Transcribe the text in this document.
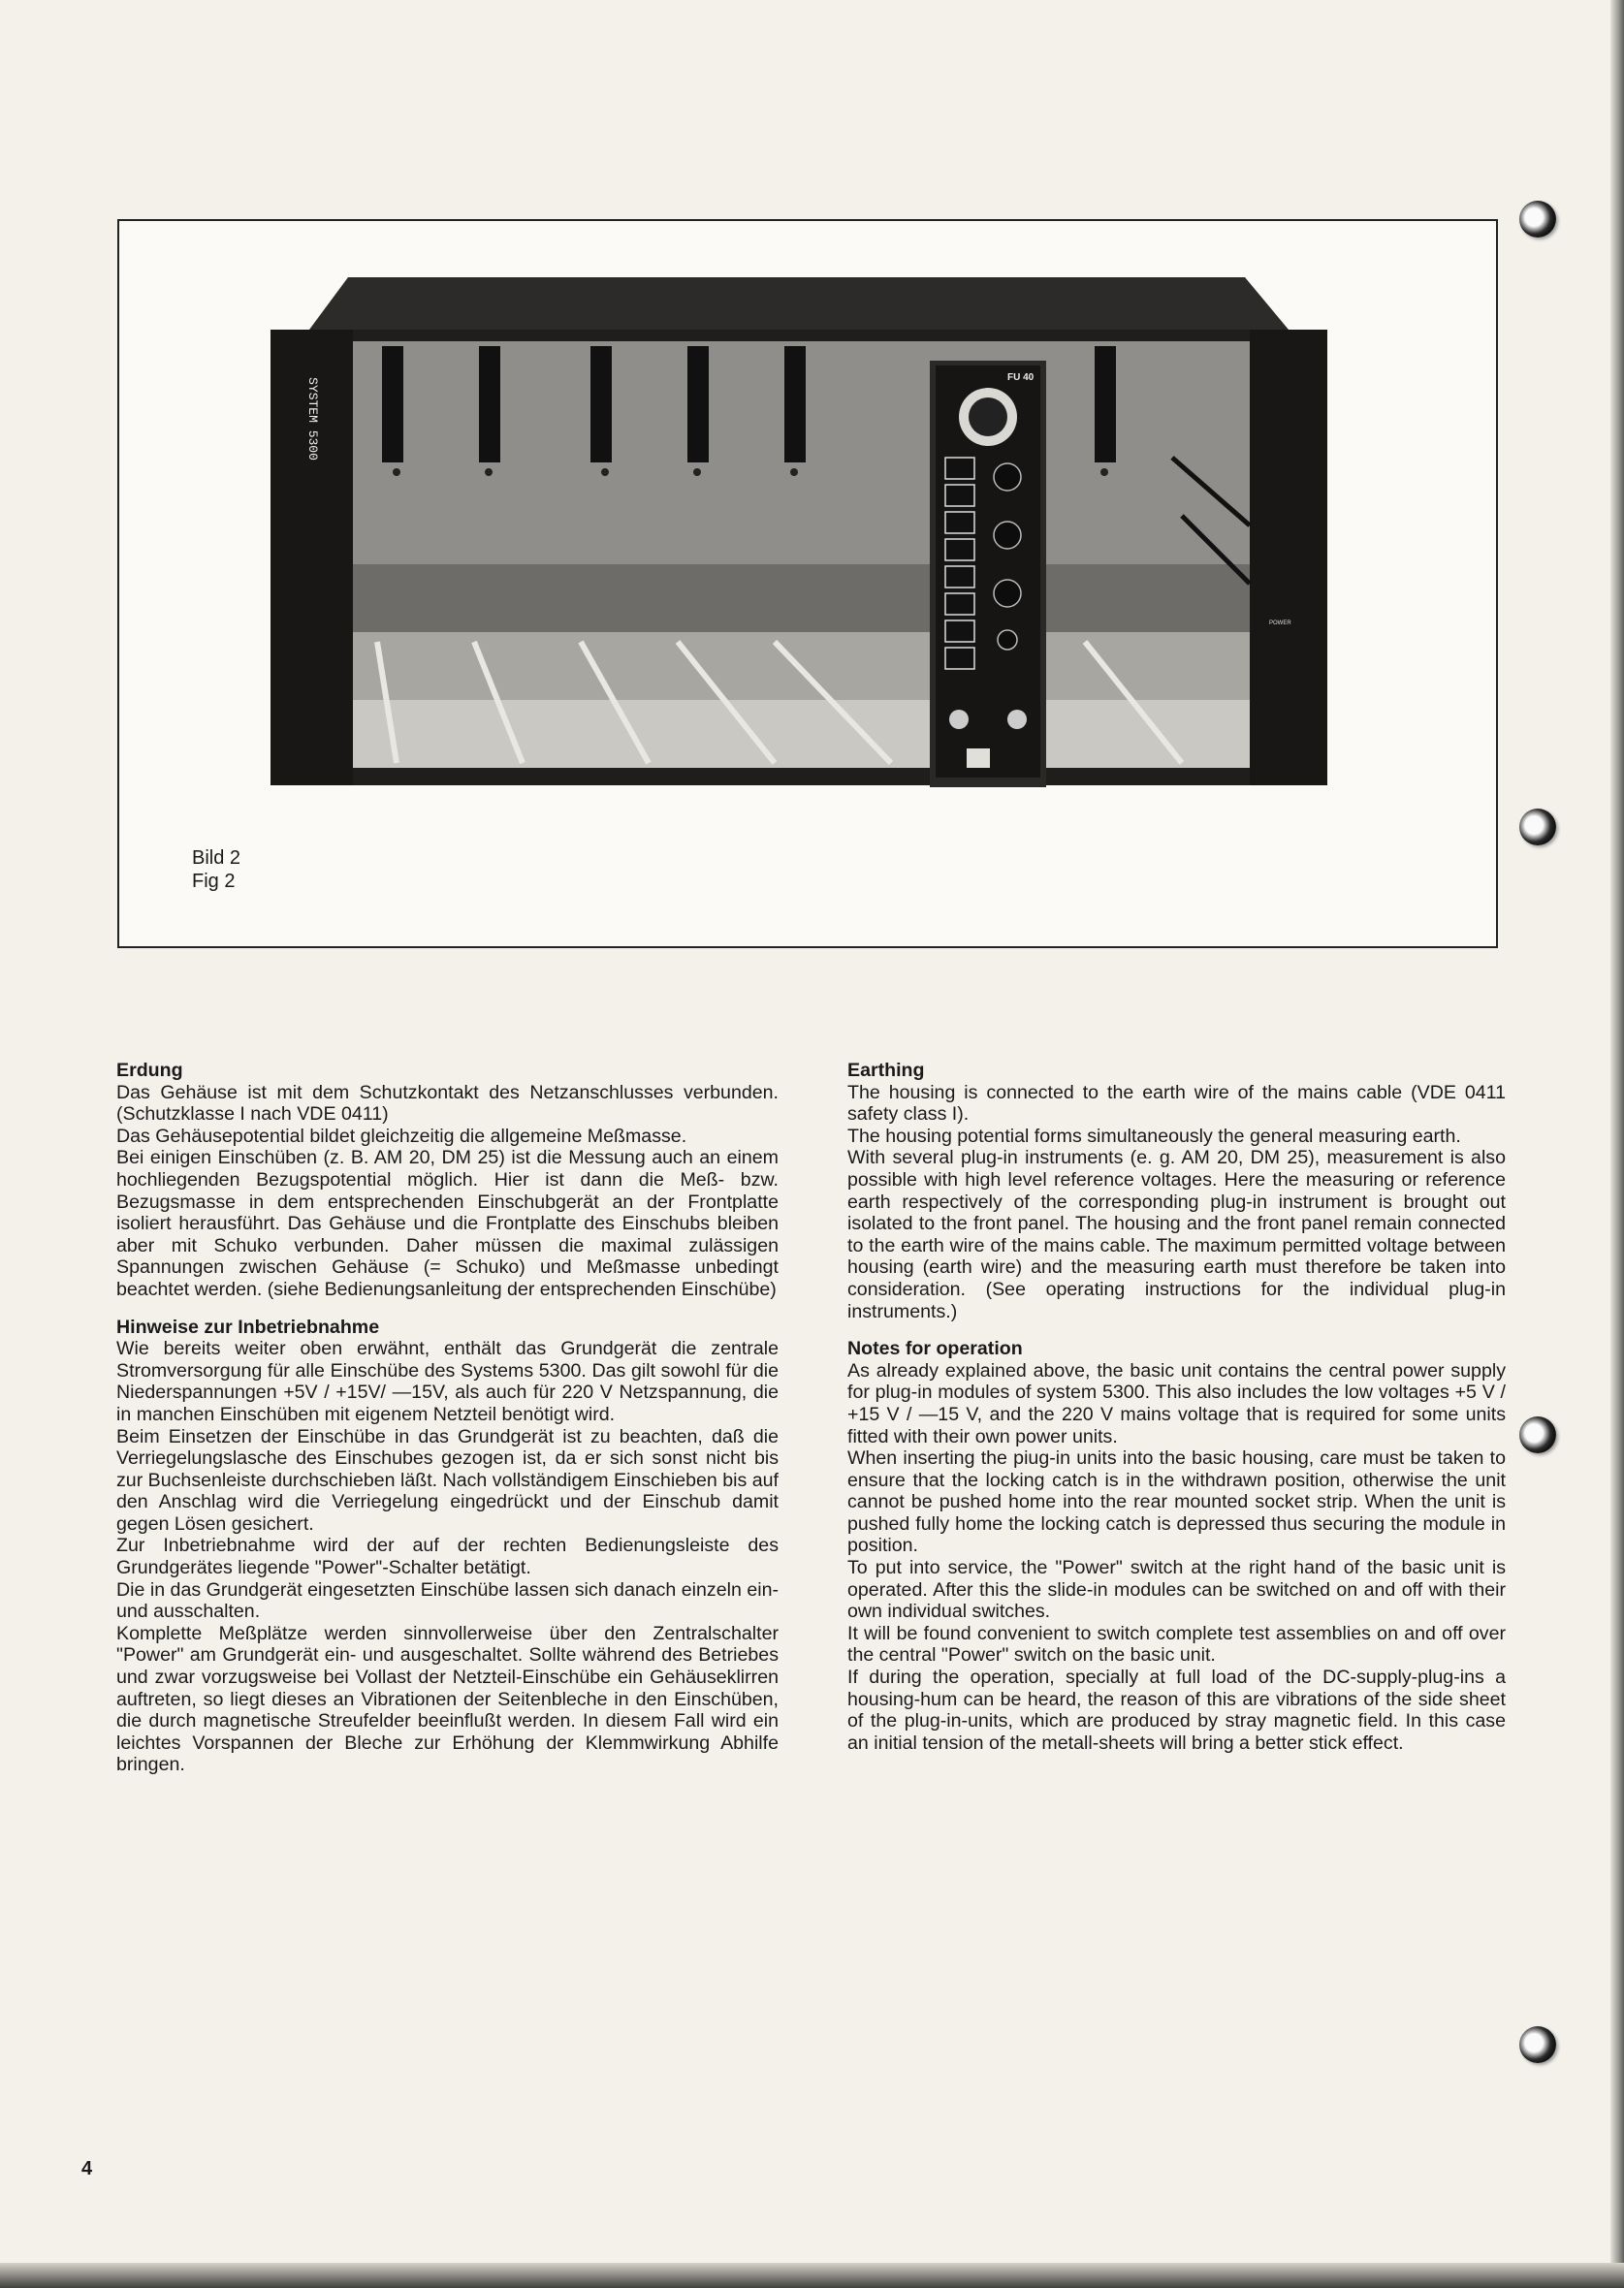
SYSTEM 5300	FU 40
POWER
Bild 2
Fig 2
Erdung

Das Gehäuse ist mit dem Schutzkontakt des Netzanschlusses verbunden. (Schutzklasse I nach VDE 0411)

Das Gehäusepotential bildet gleichzeitig die allgemeine Meßmasse.

Bei einigen Einschüben (z. B. AM 20, DM 25) ist die Messung auch an einem hochliegenden Bezugspotential möglich. Hier ist dann die Meß- bzw. Bezugsmasse in dem entsprechenden Einschubgerät an der Frontplatte isoliert herausführt. Das Gehäuse und die Frontplatte des Einschubs bleiben aber mit Schuko verbunden. Daher müssen die maximal zulässigen Spannungen zwischen Gehäuse (= Schuko) und Meßmasse unbedingt beachtet werden. (siehe Bedienungsanleitung der entsprechenden Einschübe)

Hinweise zur Inbetriebnahme

Wie bereits weiter oben erwähnt, enthält das Grundgerät die zentrale Stromversorgung für alle Einschübe des Systems 5300. Das gilt sowohl für die Niederspannungen +5V / +15V/ —15V, als auch für 220 V Netzspannung, die in manchen Einschüben mit eigenem Netzteil benötigt wird.

Beim Einsetzen der Einschübe in das Grundgerät ist zu beachten, daß die Verriegelungslasche des Einschubes gezogen ist, da er sich sonst nicht bis zur Buchsenleiste durchschieben läßt. Nach vollständigem Einschieben bis auf den Anschlag wird die Verriegelung eingedrückt und der Einschub damit gegen Lösen gesichert.

Zur Inbetriebnahme wird der auf der rechten Bedienungsleiste des Grundgerätes liegende "Power"-Schalter betätigt.

Die in das Grundgerät eingesetzten Einschübe lassen sich danach einzeln ein- und ausschalten.

Komplette Meßplätze werden sinnvollerweise über den Zentralschalter "Power" am Grundgerät ein- und ausgeschaltet. Sollte während des Betriebes und zwar vorzugsweise bei Vollast der Netzteil-Einschübe ein Gehäuseklirren auftreten, so liegt dieses an Vibrationen der Seitenbleche in den Einschüben, die durch magnetische Streufelder beeinflußt werden. In diesem Fall wird ein leichtes Vorspannen der Bleche zur Erhöhung der Klemmwirkung Abhilfe bringen.

Earthing

The housing is connected to the earth wire of the mains cable (VDE 0411 safety class I).

The housing potential forms simultaneously the general measuring earth.

With several plug-in instruments (e. g. AM 20, DM 25), measurement is also possible with high level reference voltages. Here the measuring or reference earth respectively of the corresponding plug-in instrument is brought out isolated to the front panel. The housing and the front panel remain connected to the earth wire of the mains cable. The maximum permitted voltage between housing (earth wire) and the measuring earth must therefore be taken into consideration. (See operating instructions for the individual plug-in instruments.)

Notes for operation

As already explained above, the basic unit contains the central power supply for plug-in modules of system 5300. This also includes the low voltages +5 V / +15 V / —15 V, and the 220 V mains voltage that is required for some units fitted with their own power units.

When inserting the piug-in units into the basic housing, care must be taken to ensure that the locking catch is in the withdrawn position, otherwise the unit cannot be pushed home into the rear mounted socket strip. When the unit is pushed fully home the locking catch is depressed thus securing the module in position.

To put into service, the "Power" switch at the right hand of the basic unit is operated. After this the slide-in modules can be switched on and off with their own individual switches.

It will be found convenient to switch complete test assemblies on and off over the central "Power" switch on the basic unit.

If during the operation, specially at full load of the DC-supply-plug-ins a housing-hum can be heard, the reason of this are vibrations of the side sheet of the plug-in-units, which are produced by stray magnetic field. In this case an initial tension of the metall-sheets will bring a better stick effect.

4
